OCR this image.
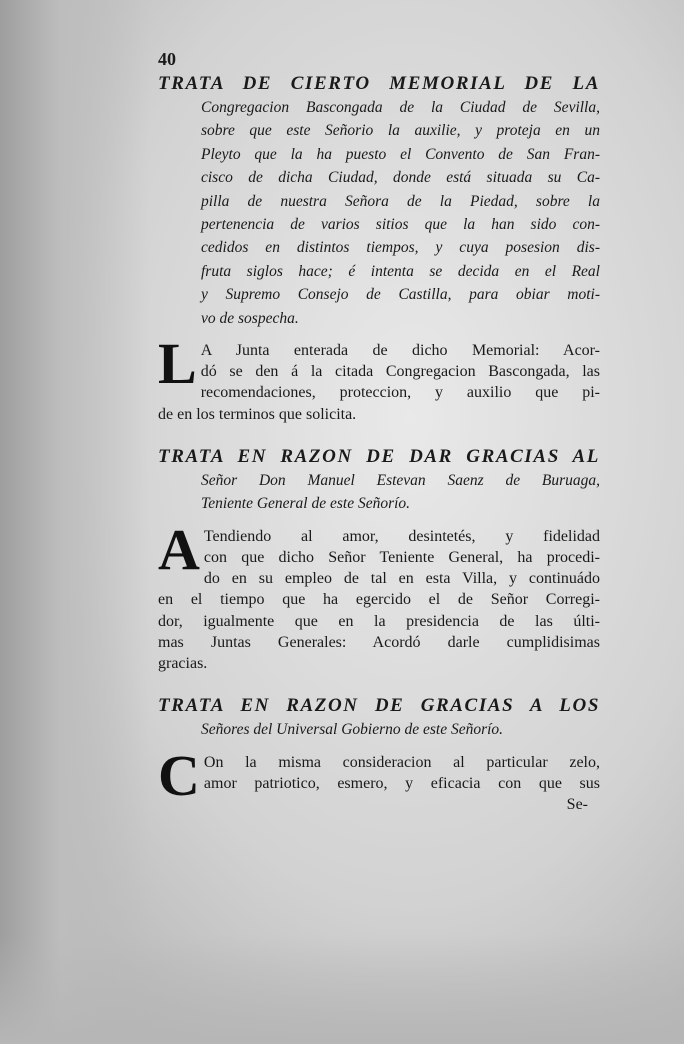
40
TRATA DE CIERTO MEMORIAL DE LA
Congregacion Bascongada de la Ciudad de Sevilla,
sobre que este Señorio la auxilie, y proteja en un
Pleyto que la ha puesto el Convento de San Fran-
cisco de dicha Ciudad, donde está situada su Ca-
pilla de nuestra Señora de la Piedad, sobre la
pertenencia de varios sitios que la han sido con-
cedidos en distintos tiempos, y cuya posesion dis-
fruta siglos hace; é intenta se decida en el Real
y Supremo Consejo de Castilla, para obiar moti-
vo de sospecha.
L A Junta enterada de dicho Memorial: Acor-
dó se den á la citada Congregacion Bascongada, las
recomendaciones, proteccion, y auxilio que pi-
de en los terminos que solicita.
TRATA EN RAZON DE DAR GRACIAS AL
Señor Don Manuel Estevan Saenz de Buruaga,
Teniente General de este Señorío.
A Tendiendo al amor, desintetés, y fidelidad
con que dicho Señor Teniente General, ha procedi-
do en su empleo de tal en esta Villa, y continuádo
en el tiempo que ha egercido el de Señor Corregi-
dor, igualmente que en la presidencia de las últi-
mas Juntas Generales: Acordó darle cumplidisimas
gracias.
TRATA EN RAZON DE GRACIAS A LOS
Señores del Universal Gobierno de este Señorío.
C On la misma consideracion al particular zelo,
amor patriotico, esmero, y eficacia con que sus
Se-
